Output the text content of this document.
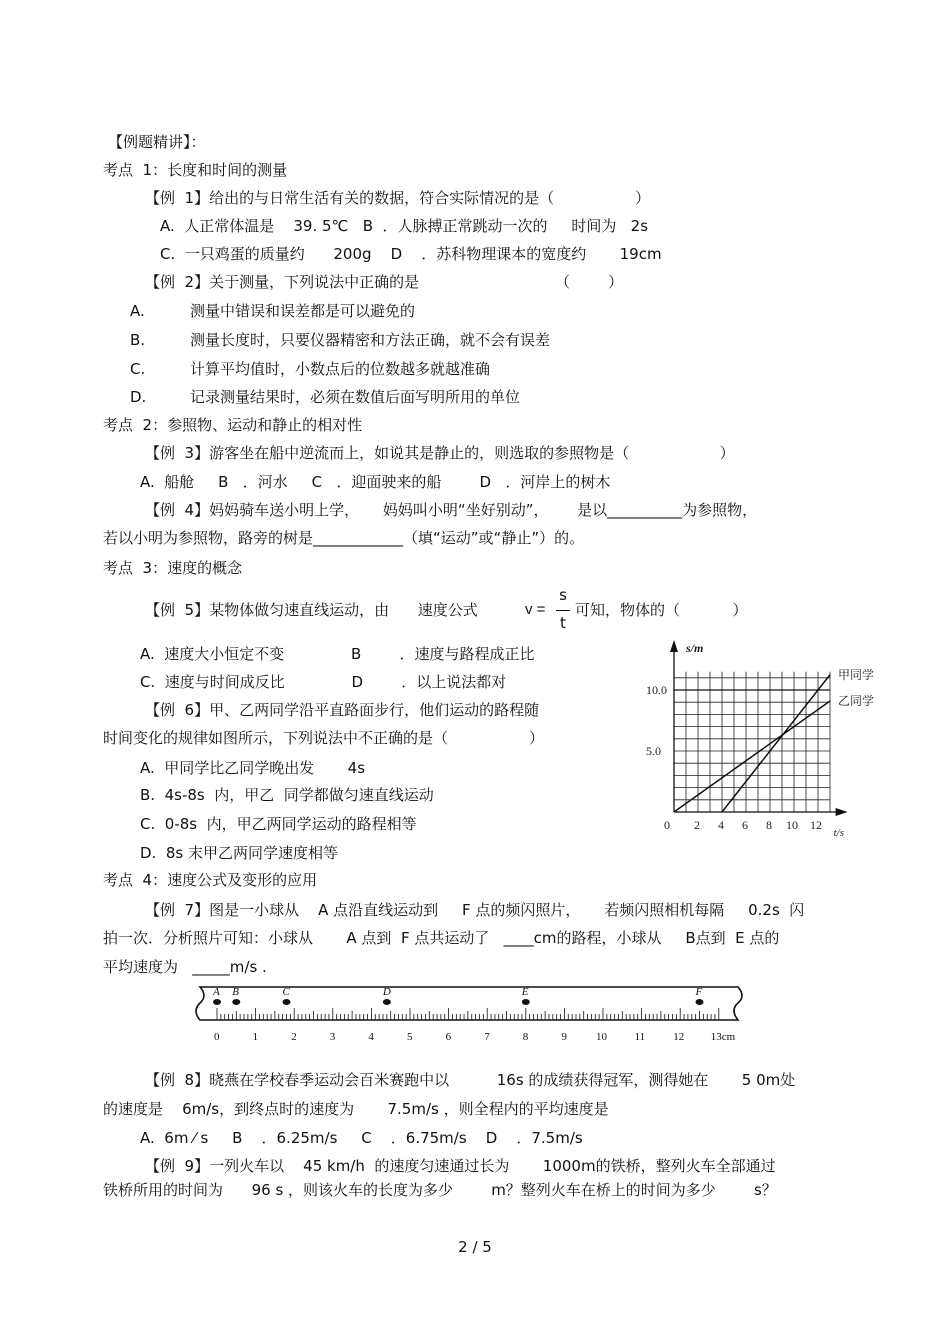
【例题精讲】：
考点  1：长度和时间的测量
【例  1】给出的与日常生活有关的数据，符合实际情况的是（                 ）
A.  人正常体温是    39. 5℃   B  ．人脉搏正常跳动一次的     时间为   2s
C.  一只鸡蛋的质量约      200g    D    ．苏科物理课本的宽度约       19cm
【例  2】关于测量，下列说法中正确的是	（        ）
A.	测量中错误和误差都是可以避免的
B.	测量长度时，只要仪器精密和方法正确，就不会有误差
C.	计算平均值时，小数点后的位数越多就越准确
D.	记录测量结果时，必须在数值后面写明所用的单位
考点  2：参照物、运动和静止的相对性
【例  3】游客坐在船中逆流而上，如说其是静止的，则选取的参照物是（                   ）
A.  船舱     B   ．河水     C   ．迎面驶来的船        D   ．河岸上的树木
【例  4】妈妈骑车送小明上学，     妈妈叫小明“坐好别动”，      是以__________为参照物，
若以小明为参照物，路旁的树是____________（填“运动”或“静止”）的。
考点  3：速度的概念
【例  5】某物体做匀速直线运动，由      速度公式	v =
s
t
可知，物体的（           ）
A.  速度大小恒定不变              B        ．速度与路程成正比
C.  速度与时间成反比              D        ．以上说法都对
【例  6】甲、乙两同学沿平直路面步行，他们运动的路程随
时间变化的规律如图所示，下列说法中不正确的是（                 ）
A.  甲同学比乙同学晚出发       4s
B.  4s-8s  内，甲乙  同学都做匀速直线运动
C.  0-8s  内，甲乙两同学运动的路程相等
D.  8s 末甲乙两同学速度相等
甲同学
乙同学
0 2 4 6 8 10 12
5.0
10.0
s/m
t/s
考点  4：速度公式及变形的应用
【例  7】图是一小球从    A 点沿直线运动到     F 点的频闪照片，     若频闪照相机每隔     0.2s  闪
拍一次．分析照片可知：小球从       A 点到  F 点共运动了   ____cm的路程，小球从     B点到  E 点的
平均速度为   _____m/s .
A B	C	D	E	F
0	1	2	3	4	5	6	7	8	9	10	11	12 13cm
【例  8】晓燕在学校春季运动会百米赛跑中以          16s 的成绩获得冠军，测得她在       5 0m处
的速度是    6m/s，到终点时的速度为       7.5m/s ，则全程内的平均速度是
A.  6m ⁄ s     B    ．6.25m/s     C    ．6.75m/s    D    ．7.5m/s
【例  9】一列火车以    45 km/h  的速度匀速通过长为       1000m的铁桥，整列火车全部通过
铁桥所用的时间为      96 s ，则该火车的长度为多少        m？整列火车在桥上的时间为多少        s？
2 / 5
